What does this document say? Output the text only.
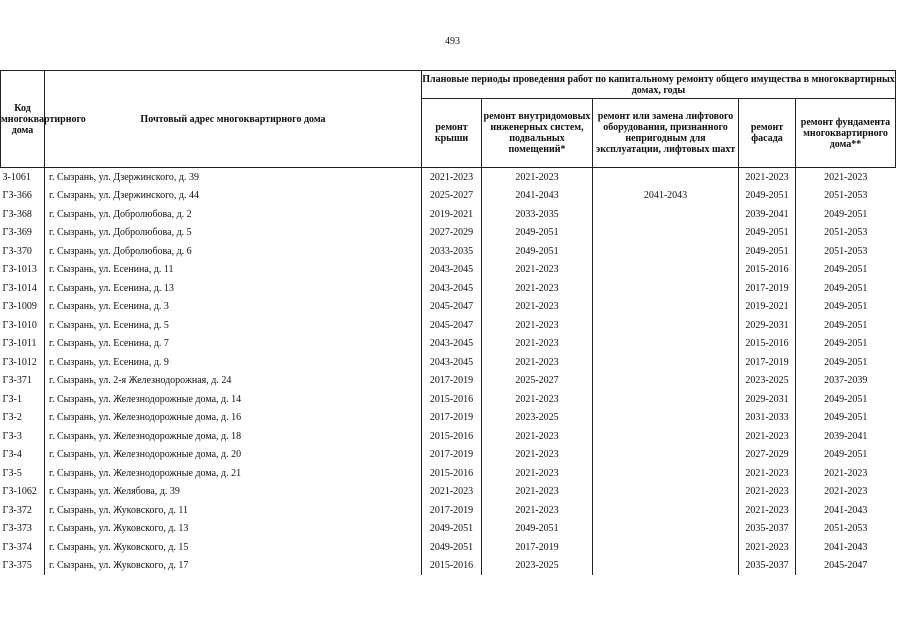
493
Код многоквартирного дома	Почтовый адрес многоквартирного дома	Плановые периоды проведения работ по капитальному ремонту общего имущества в многоквартирных домах, годы				
		ремонт крыши	ремонт внутридомовых инженерных систем, подвальных помещений*	ремонт или замена лифтового оборудования, признанного непригодным для эксплуатации, лифтовых шахт	ремонт фасада	ремонт фундамента многоквартирного дома**
З-1061	г. Сызрань, ул. Дзержинского, д. 39	2021-2023	2021-2023		2021-2023	2021-2023
ГЗ-366	г. Сызрань, ул. Дзержинского, д. 44	2025-2027	2041-2043	2041-2043	2049-2051	2051-2053
ГЗ-368	г. Сызрань, ул. Добролюбова, д. 2	2019-2021	2033-2035		2039-2041	2049-2051
ГЗ-369	г. Сызрань, ул. Добролюбова, д. 5	2027-2029	2049-2051		2049-2051	2051-2053
ГЗ-370	г. Сызрань, ул. Добролюбова, д. 6	2033-2035	2049-2051		2049-2051	2051-2053
ГЗ-1013	г. Сызрань, ул. Есенина, д. 11	2043-2045	2021-2023		2015-2016	2049-2051
ГЗ-1014	г. Сызрань, ул. Есенина, д. 13	2043-2045	2021-2023		2017-2019	2049-2051
ГЗ-1009	г. Сызрань, ул. Есенина, д. 3	2045-2047	2021-2023		2019-2021	2049-2051
ГЗ-1010	г. Сызрань, ул. Есенина, д. 5	2045-2047	2021-2023		2029-2031	2049-2051
ГЗ-1011	г. Сызрань, ул. Есенина, д. 7	2043-2045	2021-2023		2015-2016	2049-2051
ГЗ-1012	г. Сызрань, ул. Есенина, д. 9	2043-2045	2021-2023		2017-2019	2049-2051
ГЗ-371	г. Сызрань, ул. 2-я Железнодорожная, д. 24	2017-2019	2025-2027		2023-2025	2037-2039
ГЗ-1	г. Сызрань, ул. Железнодорожные дома, д. 14	2015-2016	2021-2023		2029-2031	2049-2051
ГЗ-2	г. Сызрань, ул. Железнодорожные дома, д. 16	2017-2019	2023-2025		2031-2033	2049-2051
ГЗ-3	г. Сызрань, ул. Железнодорожные дома, д. 18	2015-2016	2021-2023		2021-2023	2039-2041
ГЗ-4	г. Сызрань, ул. Железнодорожные дома, д. 20	2017-2019	2021-2023		2027-2029	2049-2051
ГЗ-5	г. Сызрань, ул. Железнодорожные дома, д. 21	2015-2016	2021-2023		2021-2023	2021-2023
ГЗ-1062	г. Сызрань, ул. Желябова, д. 39	2021-2023	2021-2023		2021-2023	2021-2023
ГЗ-372	г. Сызрань, ул. Жуковского, д. 11	2017-2019	2021-2023		2021-2023	2041-2043
ГЗ-373	г. Сызрань, ул. Жуковского, д. 13	2049-2051	2049-2051		2035-2037	2051-2053
ГЗ-374	г. Сызрань, ул. Жуковского, д. 15	2049-2051	2017-2019		2021-2023	2041-2043
ГЗ-375	г. Сызрань, ул. Жуковского, д. 17	2015-2016	2023-2025		2035-2037	2045-2047
